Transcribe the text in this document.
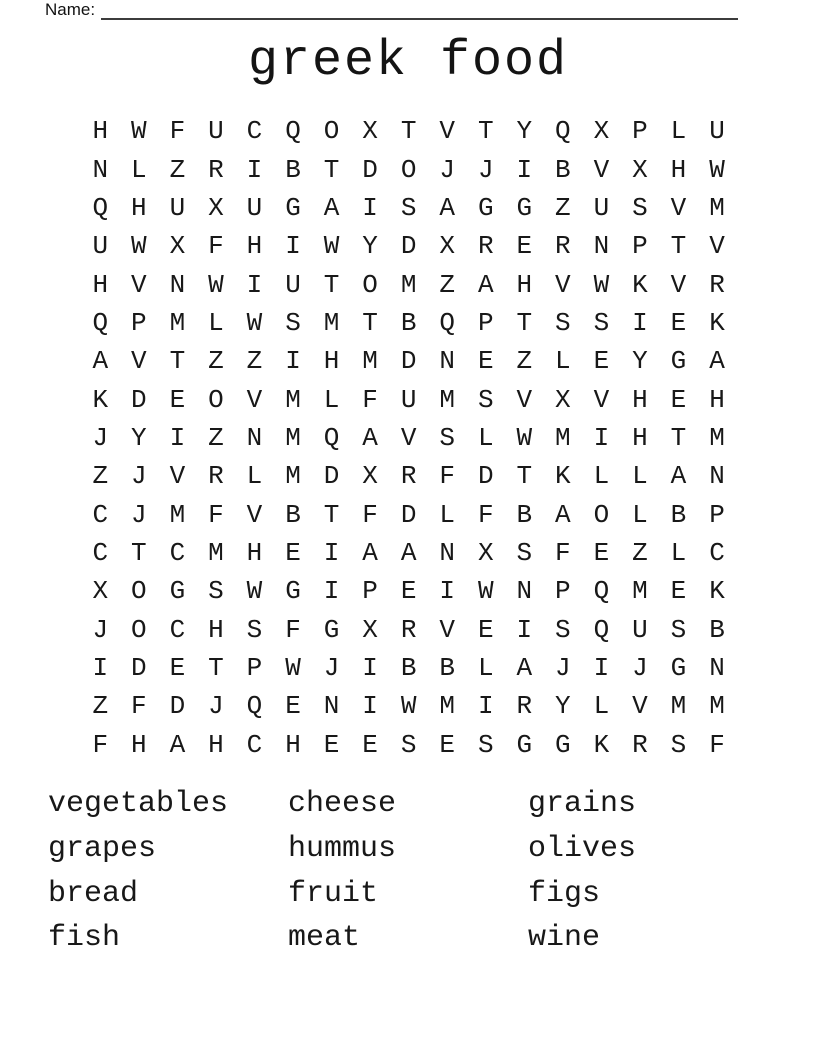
Name:
greek food
H W F U C Q O X T V T Y Q X P L U
N L Z R I B T D O J J I B V X H W
Q H U X U G A I S A G G Z U S V M
U W X F H I W Y D X R E R N P T V
H V N W I U T O M Z A H V W K V R
Q P M L W S M T B Q P T S S I E K
A V T Z Z I H M D N E Z L E Y G A
K D E O V M L F U M S V X V H E H
J Y I Z N M Q A V S L W M I H T M
Z J V R L M D X R F D T K L L A N
C J M F V B T F D L F B A O L B P
C T C M H E I A A N X S F E Z L C
X O G S W G I P E I W N P Q M E K
J O C H S F G X R V E I S Q U S B
I D E T P W J I B B L A J I J G N
Z F D J Q E N I W M I R Y L V M M
F H A H C H E E S E S G G K R S F
vegetables
grapes
bread
fish
cheese
hummus
fruit
meat
grains
olives
figs
wine
